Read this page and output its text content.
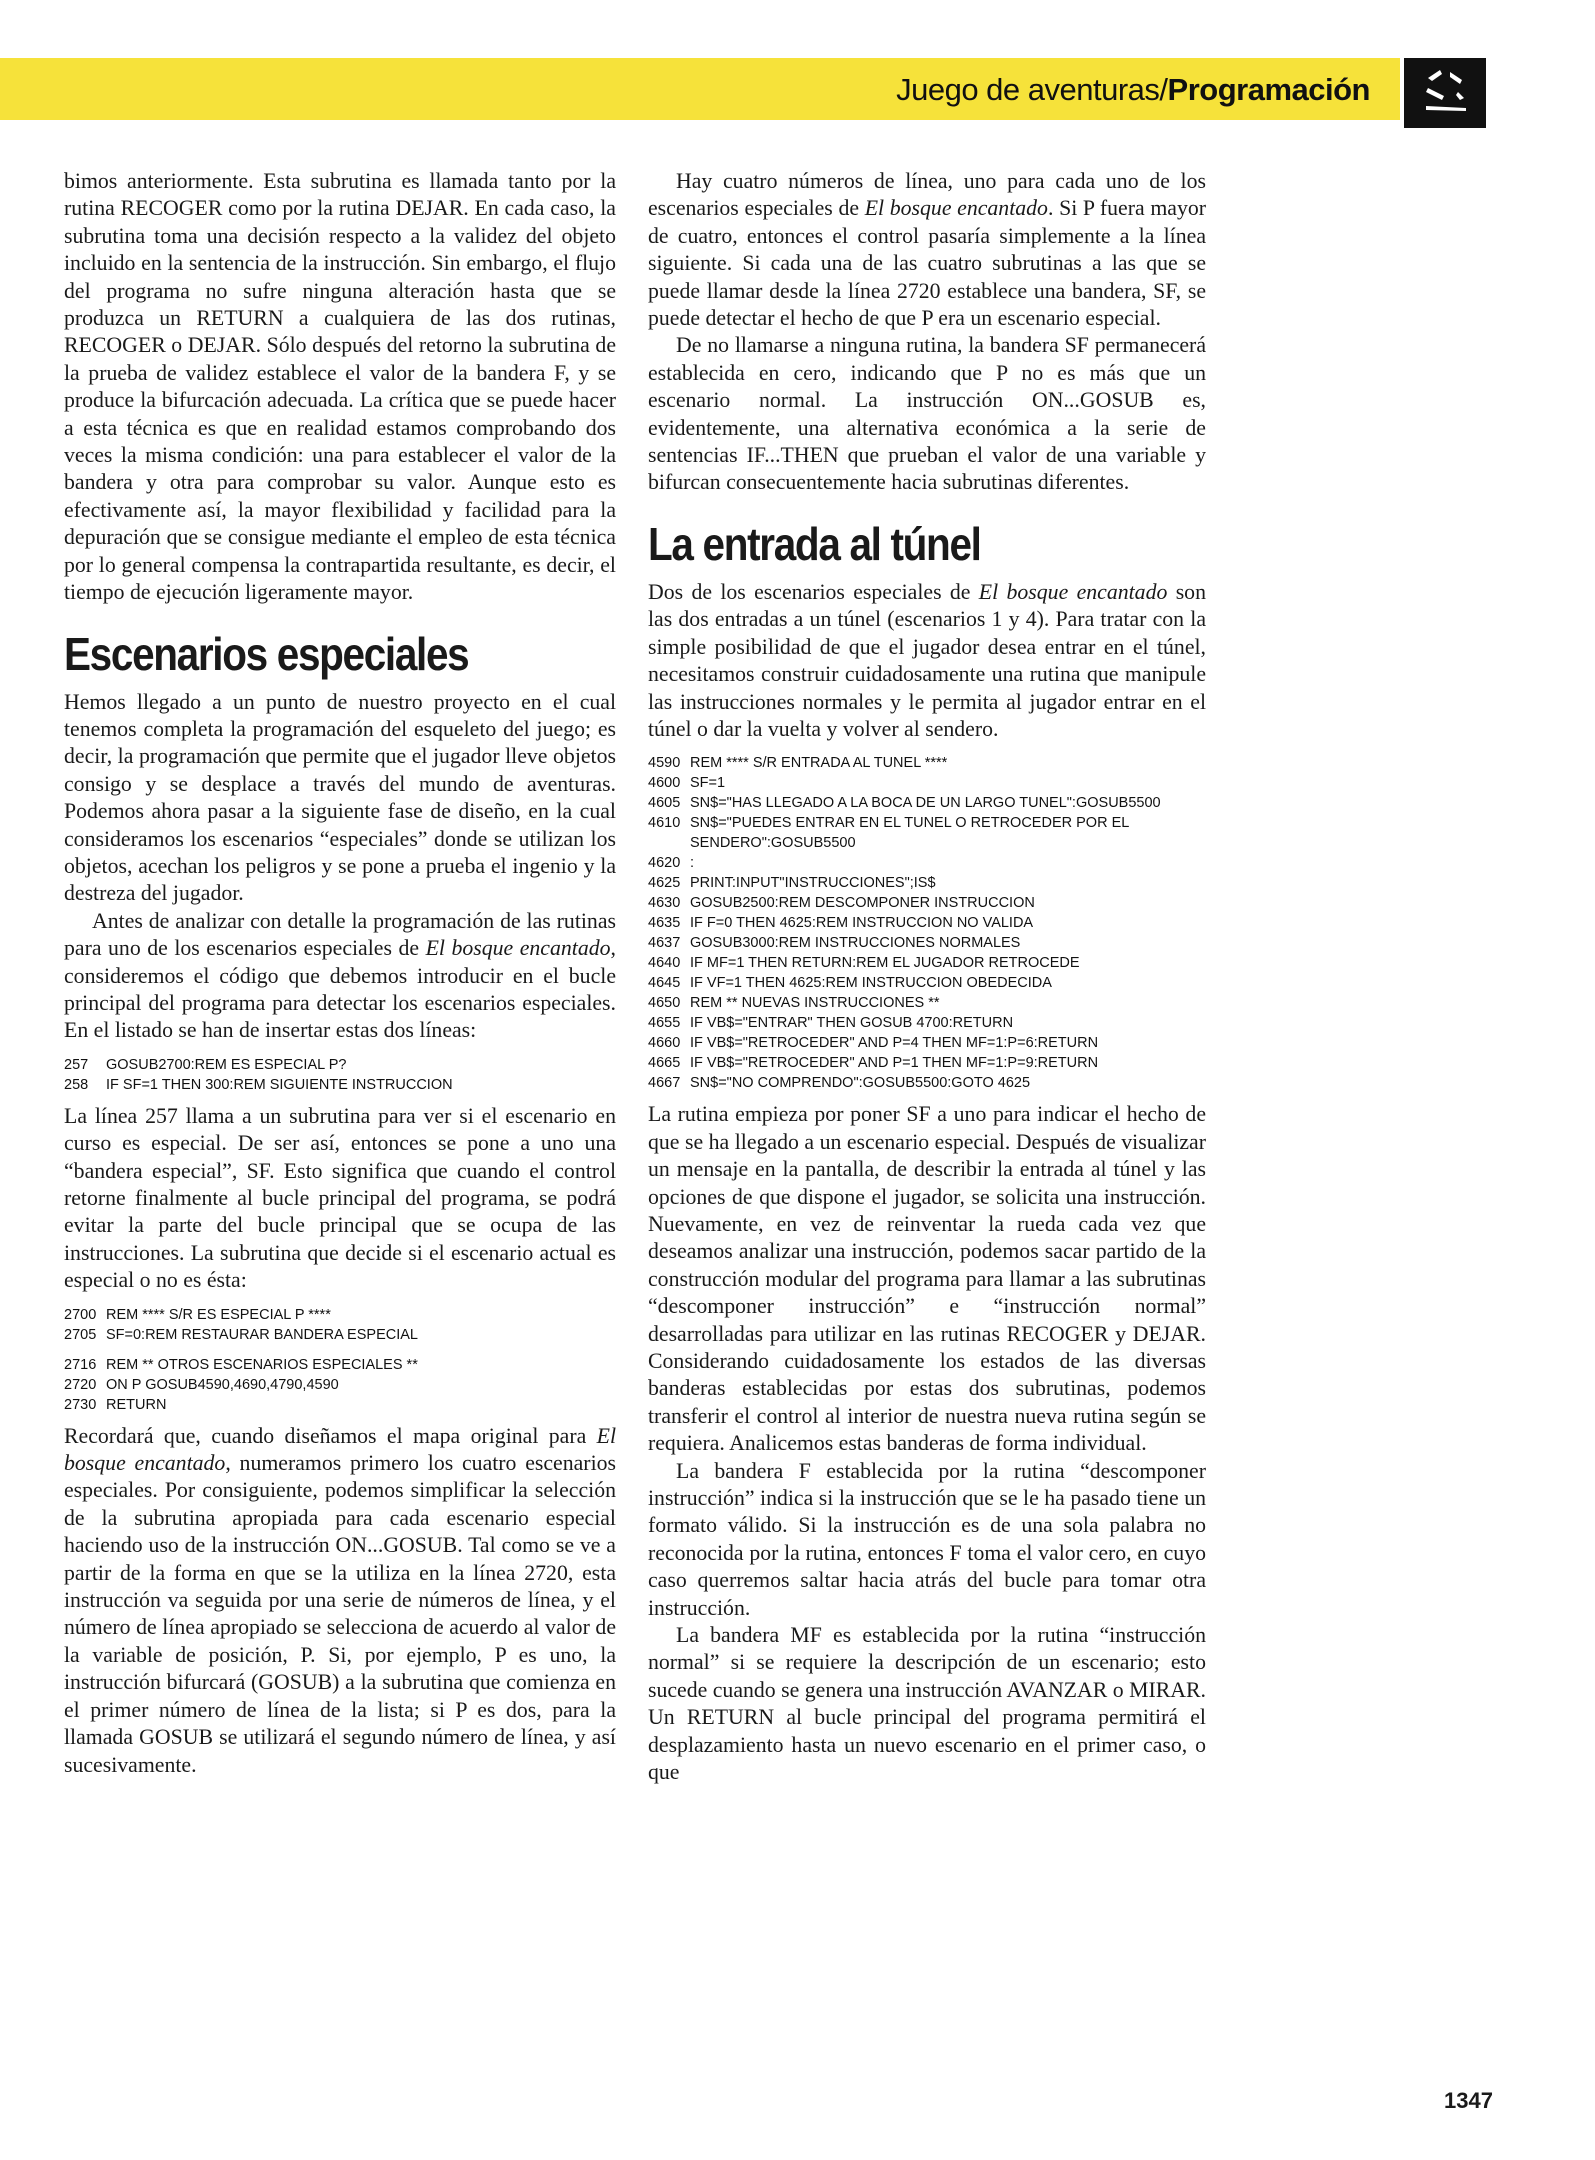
Juego de aventuras/Programación

bimos anteriormente. Esta subrutina es llamada tanto por la rutina RECOGER como por la rutina DEJAR. En cada caso, la subrutina toma una decisión respecto a la validez del objeto incluido en la sentencia de la instrucción. Sin embargo, el flujo del programa no sufre ninguna alteración hasta que se produzca un RETURN a cualquiera de las dos rutinas, RECOGER o DEJAR. Sólo después del retorno la subrutina de la prueba de validez establece el valor de la bandera F, y se produce la bifurcación adecuada. La crítica que se puede hacer a esta técnica es que en realidad estamos comprobando dos veces la misma condición: una para establecer el valor de la bandera y otra para comprobar su valor. Aunque esto es efectivamente así, la mayor flexibilidad y facilidad para la depuración que se consigue mediante el empleo de esta técnica por lo general compensa la contrapartida resultante, es decir, el tiempo de ejecución ligeramente mayor.

Escenarios especiales

Hemos llegado a un punto de nuestro proyecto en el cual tenemos completa la programación del esqueleto del juego; es decir, la programación que permite que el jugador lleve objetos consigo y se desplace a través del mundo de aventuras. Podemos ahora pasar a la siguiente fase de diseño, en la cual consideramos los escenarios “especiales” donde se utilizan los objetos, acechan los peligros y se pone a prueba el ingenio y la destreza del jugador.

Antes de analizar con detalle la programación de las rutinas para uno de los escenarios especiales de El bosque encantado, consideremos el código que debemos introducir en el bucle principal del programa para detectar los escenarios especiales. En el listado se han de insertar estas dos líneas:

257	GOSUB2700:REM ES ESPECIAL P?
258	IF SF=1 THEN 300:REM SIGUIENTE INSTRUCCION

La línea 257 llama a un subrutina para ver si el escenario en curso es especial. De ser así, entonces se pone a uno una “bandera especial”, SF. Esto significa que cuando el control retorne finalmente al bucle principal del programa, se podrá evitar la parte del bucle principal que se ocupa de las instrucciones. La subrutina que decide si el escenario actual es especial o no es ésta:

2700 REM **** S/R ES ESPECIAL P ****
2705 SF=0:REM RESTAURAR BANDERA ESPECIAL
2716 REM ** OTROS ESCENARIOS ESPECIALES **
2720 ON P GOSUB4590,4690,4790,4590
2730 RETURN

Recordará que, cuando diseñamos el mapa original para El bosque encantado, numeramos primero los cuatro escenarios especiales. Por consiguiente, podemos simplificar la selección de la subrutina apropiada para cada escenario especial haciendo uso de la instrucción ON...GOSUB. Tal como se ve a partir de la forma en que se la utiliza en la línea 2720, esta instrucción va seguida por una serie de números de línea, y el número de línea apropiado se selecciona de acuerdo al valor de la variable de posición, P. Si, por ejemplo, P es uno, la instrucción bifurcará (GOSUB) a la subrutina que comienza en el primer número de línea de la lista; si P es dos, para la llamada GOSUB se utilizará el segundo número de línea, y así sucesivamente.

Hay cuatro números de línea, uno para cada uno de los escenarios especiales de El bosque encantado. Si P fuera mayor de cuatro, entonces el control pasaría simplemente a la línea siguiente. Si cada una de las cuatro subrutinas a las que se puede llamar desde la línea 2720 establece una bandera, SF, se puede detectar el hecho de que P era un escenario especial.

De no llamarse a ninguna rutina, la bandera SF permanecerá establecida en cero, indicando que P no es más que un escenario normal. La instrucción ON...GOSUB es, evidentemente, una alternativa económica a la serie de sentencias IF...THEN que prueban el valor de una variable y bifurcan consecuentemente hacia subrutinas diferentes.

La entrada al túnel

Dos de los escenarios especiales de El bosque encantado son las dos entradas a un túnel (escenarios 1 y 4). Para tratar con la simple posibilidad de que el jugador desea entrar en el túnel, necesitamos construir cuidadosamente una rutina que manipule las instrucciones normales y le permita al jugador entrar en el túnel o dar la vuelta y volver al sendero.

4590 REM **** S/R ENTRADA AL TUNEL ****
4600 SF=1
4605 SN$="HAS LLEGADO A LA BOCA DE UN LARGO TUNEL":GOSUB5500
4610 SN$="PUEDES ENTRAR EN EL TUNEL O RETROCEDER POR EL SENDERO":GOSUB5500
4620 :
4625 PRINT:INPUT"INSTRUCCIONES";IS$
4630 GOSUB2500:REM DESCOMPONER INSTRUCCION
4635 IF F=0 THEN 4625:REM INSTRUCCION NO VALIDA
4637 GOSUB3000:REM INSTRUCCIONES NORMALES
4640 IF MF=1 THEN RETURN:REM EL JUGADOR RETROCEDE
4645 IF VF=1 THEN 4625:REM INSTRUCCION OBEDECIDA
4650 REM ** NUEVAS INSTRUCCIONES **
4655 IF VB$="ENTRAR" THEN GOSUB 4700:RETURN
4660 IF VB$="RETROCEDER" AND P=4 THEN MF=1:P=6:RETURN
4665 IF VB$="RETROCEDER" AND P=1 THEN MF=1:P=9:RETURN
4667 SN$="NO COMPRENDO":GOSUB5500:GOTO 4625

La rutina empieza por poner SF a uno para indicar el hecho de que se ha llegado a un escenario especial. Después de visualizar un mensaje en la pantalla, de describir la entrada al túnel y las opciones de que dispone el jugador, se solicita una instrucción. Nuevamente, en vez de reinventar la rueda cada vez que deseamos analizar una instrucción, podemos sacar partido de la construcción modular del programa para llamar a las subrutinas “descomponer instrucción” e “instrucción normal” desarrolladas para utilizar en las rutinas RECOGER y DEJAR. Considerando cuidadosamente los estados de las diversas banderas establecidas por estas dos subrutinas, podemos transferir el control al interior de nuestra nueva rutina según se requiera. Analicemos estas banderas de forma individual.

La bandera F establecida por la rutina “descomponer instrucción” indica si la instrucción que se le ha pasado tiene un formato válido. Si la instrucción es de una sola palabra no reconocida por la rutina, entonces F toma el valor cero, en cuyo caso querremos saltar hacia atrás del bucle para tomar otra instrucción.

La bandera MF es establecida por la rutina “instrucción normal” si se requiere la descripción de un escenario; esto sucede cuando se genera una instrucción AVANZAR o MIRAR. Un RETURN al bucle principal del programa permitirá el desplazamiento hasta un nuevo escenario en el primer caso, o que

1347
